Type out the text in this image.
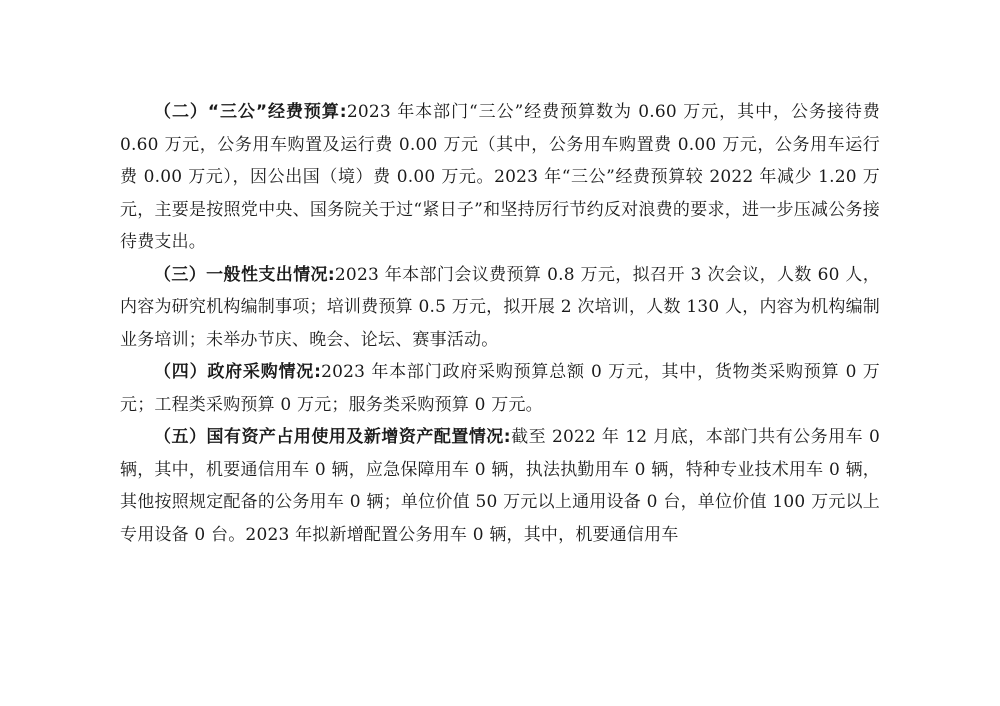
（二）“三公”经费预算:2023 年本部门“三公”经费预算数为 0.60 万元，其中，公务接待费 0.60 万元，公务用车购置及运行费 0.00 万元（其中，公务用车购置费 0.00 万元，公务用车运行费 0.00 万元），因公出国（境）费 0.00 万元。2023 年“三公”经费预算较 2022 年减少 1.20 万元，主要是按照党中央、国务院关于过“紧日子”和坚持厉行节约反对浪费的要求，进一步压减公务接待费支出。

（三）一般性支出情况:2023 年本部门会议费预算 0.8 万元，拟召开 3 次会议，人数 60 人，内容为研究机构编制事项；培训费预算 0.5 万元，拟开展 2 次培训，人数 130 人，内容为机构编制业务培训；未举办节庆、晚会、论坛、赛事活动。

（四）政府采购情况:2023 年本部门政府采购预算总额 0 万元，其中，货物类采购预算 0 万元；工程类采购预算 0 万元；服务类采购预算 0 万元。

（五）国有资产占用使用及新增资产配置情况:截至 2022 年 12 月底，本部门共有公务用车 0 辆，其中，机要通信用车 0 辆，应急保障用车 0 辆，执法执勤用车 0 辆，特种专业技术用车 0 辆，其他按照规定配备的公务用车 0 辆；单位价值 50 万元以上通用设备 0 台，单位价值 100 万元以上专用设备 0 台。2023 年拟新增配置公务用车 0 辆，其中，机要通信用车
